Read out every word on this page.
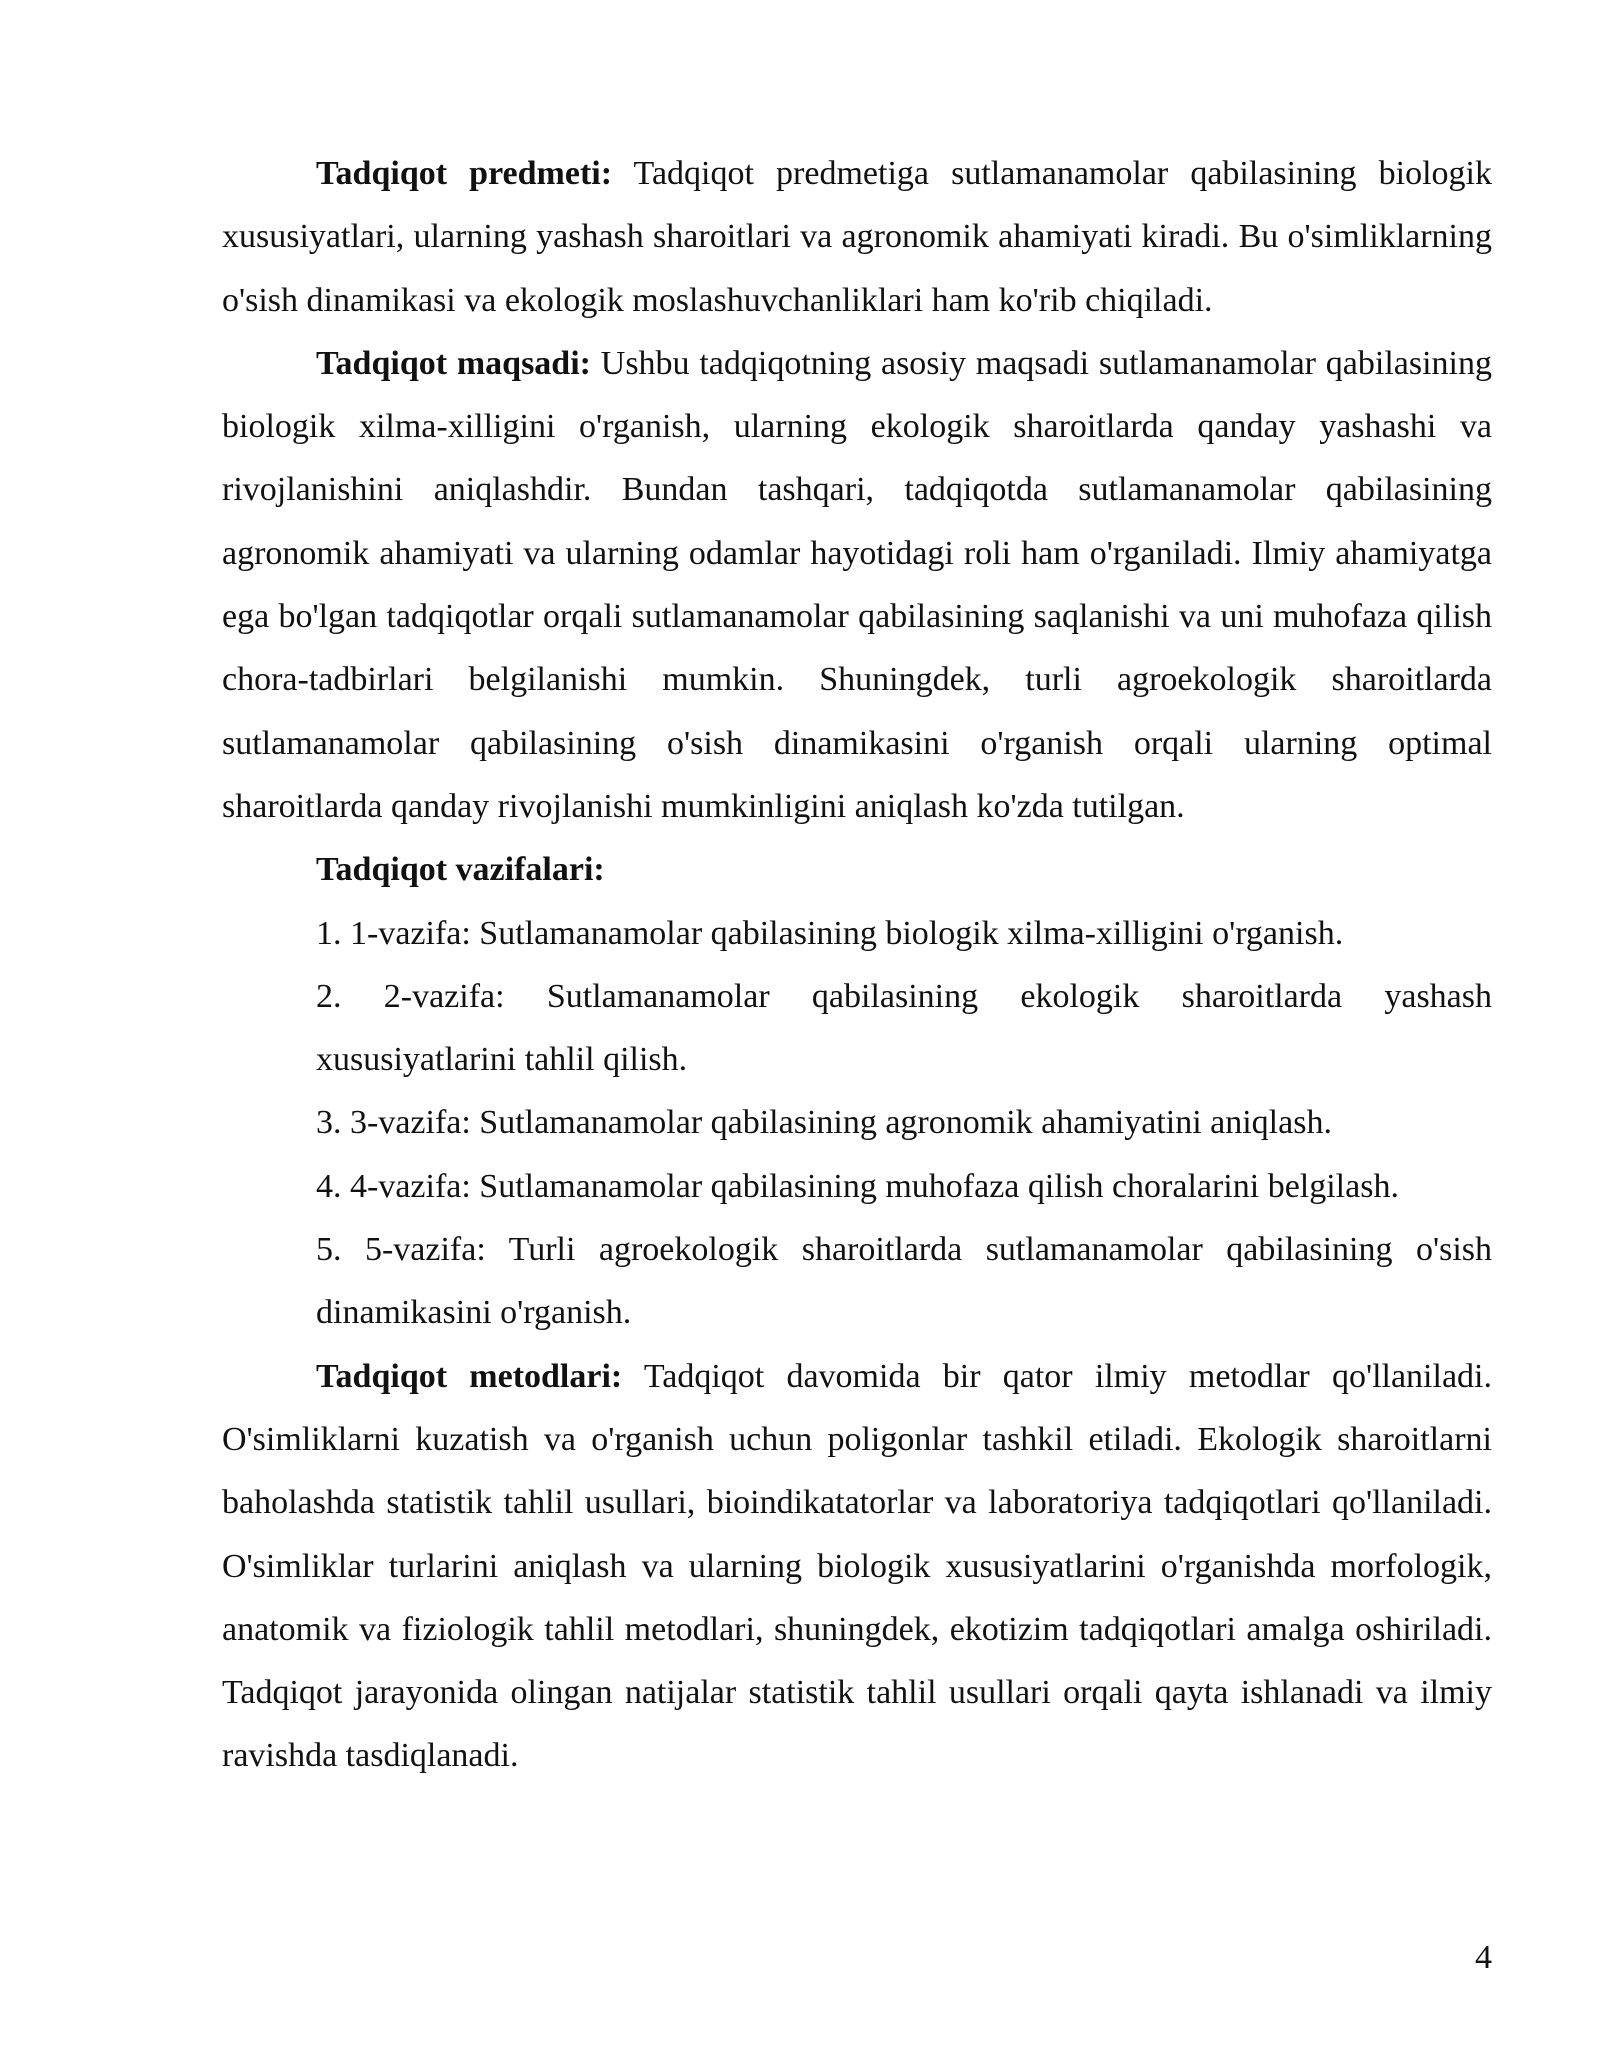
Tadqiqot predmeti: Tadqiqot predmetiga sutlamanamolar qabilasining biologik xususiyatlari, ularning yashash sharoitlari va agronomik ahamiyati kiradi. Bu o'simliklarning o'sish dinamikasi va ekologik moslashuvchanliklari ham ko'rib chiqiladi.

Tadqiqot maqsadi: Ushbu tadqiqotning asosiy maqsadi sutlamanamolar qabilasining biologik xilma-xilligini o'rganish, ularning ekologik sharoitlarda qanday yashashi va rivojlanishini aniqlashdir. Bundan tashqari, tadqiqotda sutlamanamolar qabilasining agronomik ahamiyati va ularning odamlar hayotidagi roli ham o'rganiladi. Ilmiy ahamiyatga ega bo'lgan tadqiqotlar orqali sutlamanamolar qabilasining saqlanishi va uni muhofaza qilish chora-tadbirlari belgilanishi mumkin. Shuningdek, turli agroekologik sharoitlarda sutlamanamolar qabilasining o'sish dinamikasini o'rganish orqali ularning optimal sharoitlarda qanday rivojlanishi mumkinligini aniqlash ko'zda tutilgan.

Tadqiqot vazifalari:

1. 1-vazifa: Sutlamanamolar qabilasining biologik xilma-xilligini o'rganish.

2. 2-vazifa: Sutlamanamolar qabilasining ekologik sharoitlarda yashash xususiyatlarini tahlil qilish.

3. 3-vazifa: Sutlamanamolar qabilasining agronomik ahamiyatini aniqlash.

4. 4-vazifa: Sutlamanamolar qabilasining muhofaza qilish choralarini belgilash.

5. 5-vazifa: Turli agroekologik sharoitlarda sutlamanamolar qabilasining o'sish dinamikasini o'rganish.

Tadqiqot metodlari: Tadqiqot davomida bir qator ilmiy metodlar qo'llaniladi. O'simliklarni kuzatish va o'rganish uchun poligonlar tashkil etiladi. Ekologik sharoitlarni baholashda statistik tahlil usullari, bioindikatatorlar va laboratoriya tadqiqotlari qo'llaniladi. O'simliklar turlarini aniqlash va ularning biologik xususiyatlarini o'rganishda morfologik, anatomik va fiziologik tahlil metodlari, shuningdek, ekotizim tadqiqotlari amalga oshiriladi. Tadqiqot jarayonida olingan natijalar statistik tahlil usullari orqali qayta ishlanadi va ilmiy ravishda tasdiqlanadi.

4
